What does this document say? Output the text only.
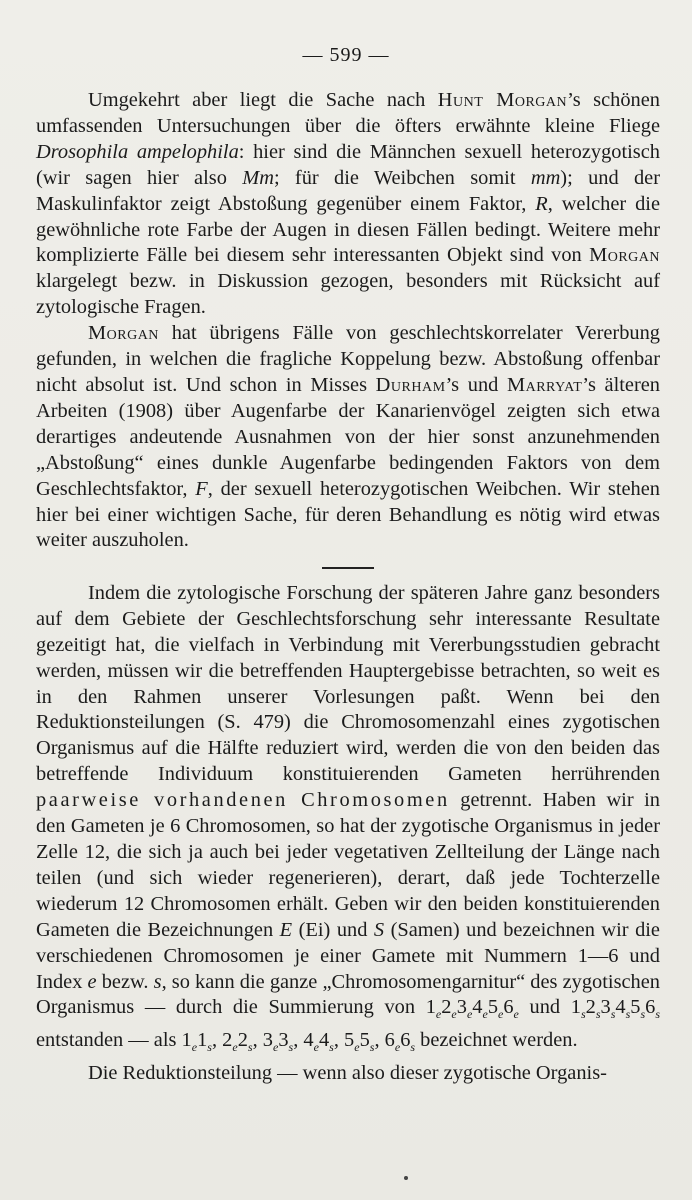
— 599 —

Umgekehrt aber liegt die Sache nach Hunt Morgan’s schönen umfassenden Untersuchungen über die öfters erwähnte kleine Fliege Drosophila ampelophila: hier sind die Männchen sexuell heterozygotisch (wir sagen hier also Mm; für die Weibchen somit mm); und der Maskulinfaktor zeigt Abstoßung gegenüber einem Faktor, R, welcher die gewöhnliche rote Farbe der Augen in diesen Fällen bedingt. Weitere mehr komplizierte Fälle bei diesem sehr interessanten Objekt sind von Morgan klargelegt bezw. in Diskussion gezogen, besonders mit Rücksicht auf zytologische Fragen.

Morgan hat übrigens Fälle von geschlechtskorrelater Vererbung gefunden, in welchen die fragliche Koppelung bezw. Abstoßung offenbar nicht absolut ist. Und schon in Misses Durham’s und Marryat’s älteren Arbeiten (1908) über Augenfarbe der Kanarienvögel zeigten sich etwa derartiges andeutende Ausnahmen von der hier sonst anzunehmenden „Abstoßung“ eines dunkle Augenfarbe bedingenden Faktors von dem Geschlechtsfaktor, F, der sexuell heterozygotischen Weibchen. Wir stehen hier bei einer wichtigen Sache, für deren Behandlung es nötig wird etwas weiter auszuholen.

Indem die zytologische Forschung der späteren Jahre ganz besonders auf dem Gebiete der Geschlechtsforschung sehr interessante Resultate gezeitigt hat, die vielfach in Verbindung mit Vererbungsstudien gebracht werden, müssen wir die betreffenden Hauptergebisse betrachten, so weit es in den Rahmen unserer Vorlesungen paßt. Wenn bei den Reduktionsteilungen (S. 479) die Chromosomenzahl eines zygotischen Organismus auf die Hälfte reduziert wird, werden die von den beiden das betreffende Individuum konstituierenden Gameten herrührenden paarweise vorhandenen Chromosomen getrennt. Haben wir in den Gameten je 6 Chromosomen, so hat der zygotische Organismus in jeder Zelle 12, die sich ja auch bei jeder vegetativen Zellteilung der Länge nach teilen (und sich wieder regenerieren), derart, daß jede Tochterzelle wiederum 12 Chromosomen erhält. Geben wir den beiden konstituierenden Gameten die Bezeichnungen E (Ei) und S (Samen) und bezeichnen wir die verschiedenen Chromosomen je einer Gamete mit Nummern 1—6 und Index e bezw. s, so kann die ganze „Chromosomengarnitur“ des zygotischen Organismus — durch die Summierung von $1_e2_e3_e4_e5_e6_e$ und $1_s2_s3_s4_s5_s6_s$ entstanden — als $1_e1_s$, $2_e2_s$, $3_e3_s$, $4_e4_s$, $5_e5_s$, $6_e6_s$ bezeichnet werden.

Die Reduktionsteilung — wenn also dieser zygotische Organis-
